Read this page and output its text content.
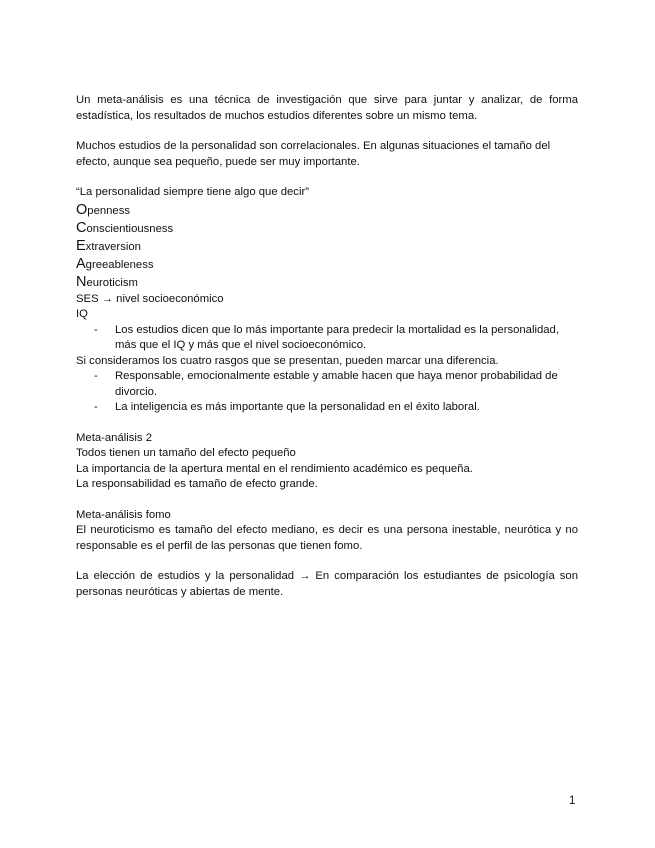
Un meta-análisis es una técnica de investigación que sirve para juntar y analizar, de forma estadística, los resultados de muchos estudios diferentes sobre un mismo tema.

Muchos estudios de la personalidad son correlacionales. En algunas situaciones el tamaño del efecto, aunque sea pequeño, puede ser muy importante.

“La personalidad siempre tiene algo que decir”

Openness

Conscientiousness

Extraversion

Agreeableness

Neuroticism

SES → nivel socioeconómico

IQ

- Los estudios dicen que lo más importante para predecir la mortalidad es la personalidad, más que el IQ y más que el nivel socioeconómico.

Si consideramos los cuatro rasgos que se presentan, pueden marcar una diferencia.

- Responsable, emocionalmente estable y amable hacen que haya menor probabilidad de divorcio.

- La inteligencia es más importante que la personalidad en el éxito laboral.

Meta-análisis 2

Todos tienen un tamaño del efecto pequeño

La importancia de la apertura mental en el rendimiento académico es pequeña.

La responsabilidad es tamaño de efecto grande.

Meta-análisis fomo

El neuroticismo es tamaño del efecto mediano, es decir es una persona inestable, neurótica y no responsable es el perfil de las personas que tienen fomo.

La elección de estudios y la personalidad → En comparación los estudiantes de psicología son personas neuróticas y abiertas de mente.

1
